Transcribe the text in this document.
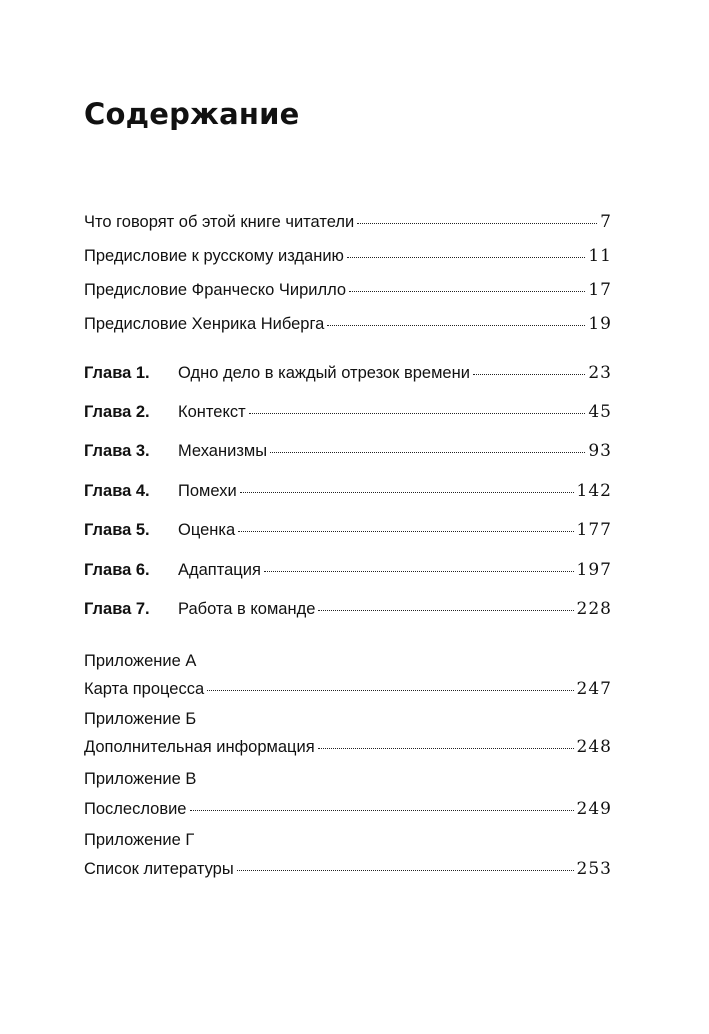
Содержание
Что говорят об этой книге читатели	7
Предисловие к русскому изданию	11
Предисловие Франческо Чирилло	17
Предисловие Хенрика Ниберга	19
Глава 1.	Одно дело в каждый отрезок времени	23
Глава 2.	Контекст	45
Глава 3.	Механизмы	93
Глава 4.	Помехи	142
Глава 5.	Оценка	177
Глава 6.	Адаптация	197
Глава 7.	Работа в команде	228
Приложение А
Карта процесса	247
Приложение Б
Дополнительная информация	248
Приложение В
Послесловие	249
Приложение Г
Список литературы	253
